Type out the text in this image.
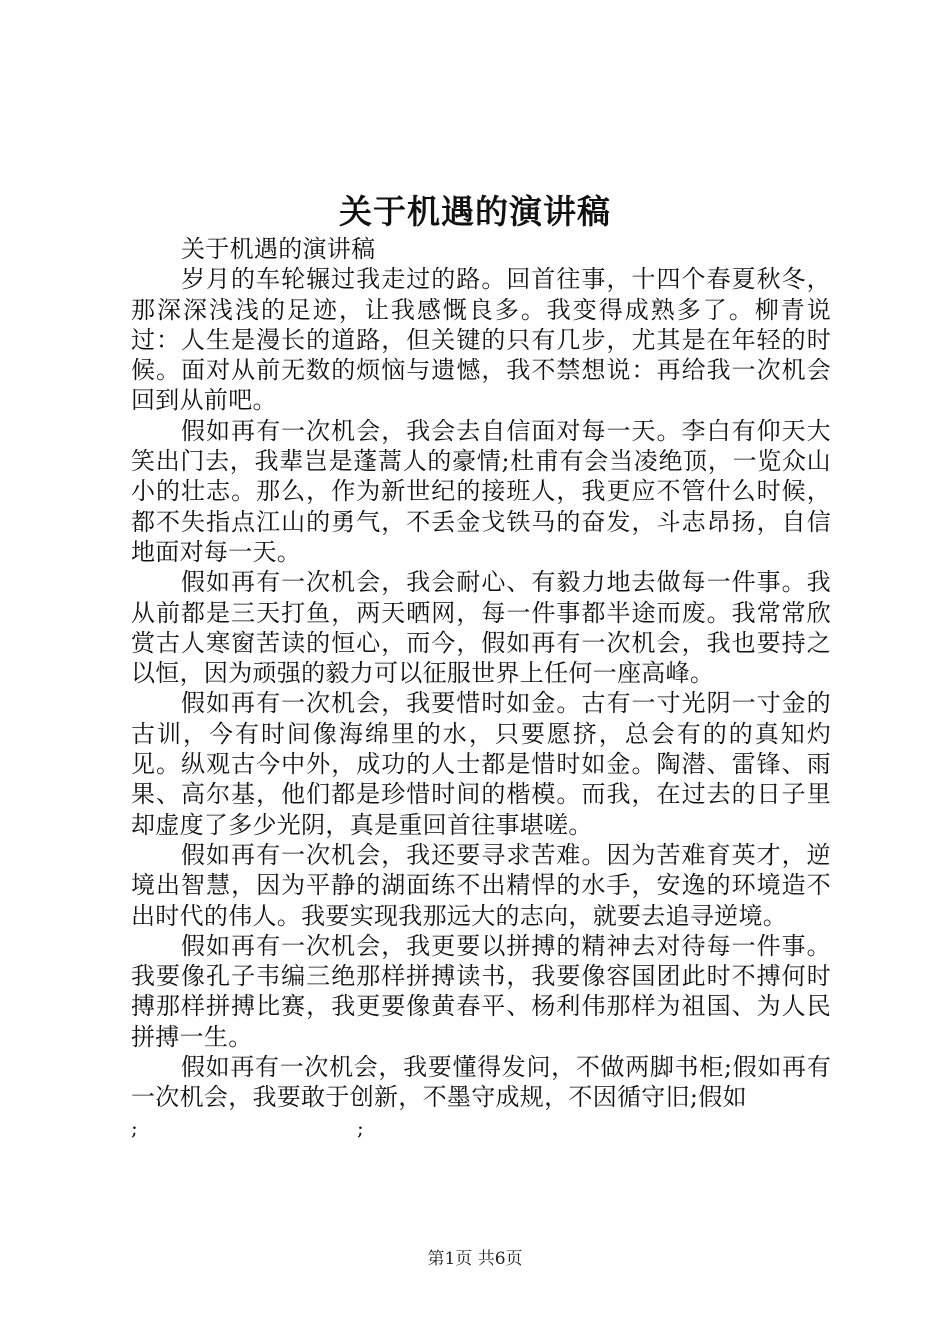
关于机遇的演讲稿

关于机遇的演讲稿

岁月的车轮辗过我走过的路。回首往事，十四个春夏秋冬，那深深浅浅的足迹，让我感慨良多。我变得成熟多了。柳青说过：人生是漫长的道路，但关键的只有几步，尤其是在年轻的时候。面对从前无数的烦恼与遗憾，我不禁想说：再给我一次机会回到从前吧。

假如再有一次机会，我会去自信面对每一天。李白有仰天大笑出门去，我辈岂是蓬蒿人的豪情;杜甫有会当凌绝顶，一览众山小的壮志。那么，作为新世纪的接班人，我更应不管什么时候，都不失指点江山的勇气，不丢金戈铁马的奋发，斗志昂扬，自信地面对每一天。

假如再有一次机会，我会耐心、有毅力地去做每一件事。我从前都是三天打鱼，两天晒网，每一件事都半途而废。我常常欣赏古人寒窗苦读的恒心，而今，假如再有一次机会，我也要持之以恒，因为顽强的毅力可以征服世界上任何一座高峰。

假如再有一次机会，我要惜时如金。古有一寸光阴一寸金的古训，今有时间像海绵里的水，只要愿挤，总会有的的真知灼见。纵观古今中外，成功的人士都是惜时如金。陶潜、雷锋、雨果、高尔基，他们都是珍惜时间的楷模。而我，在过去的日子里却虚度了多少光阴，真是重回首往事堪嗟。

假如再有一次机会，我还要寻求苦难。因为苦难育英才，逆境出智慧，因为平静的湖面练不出精悍的水手，安逸的环境造不出时代的伟人。我要实现我那远大的志向，就要去追寻逆境。

假如再有一次机会，我更要以拼搏的精神去对待每一件事。我要像孔子韦编三绝那样拼搏读书，我要像容国团此时不搏何时搏那样拼搏比赛，我更要像黄春平、杨利伟那样为祖国、为人民拼搏一生。

假如再有一次机会，我要懂得发问，不做两脚书柜;假如再有一次机会，我要敢于创新，不墨守成规，不因循守旧;假如

;	;
第1页 共6页
